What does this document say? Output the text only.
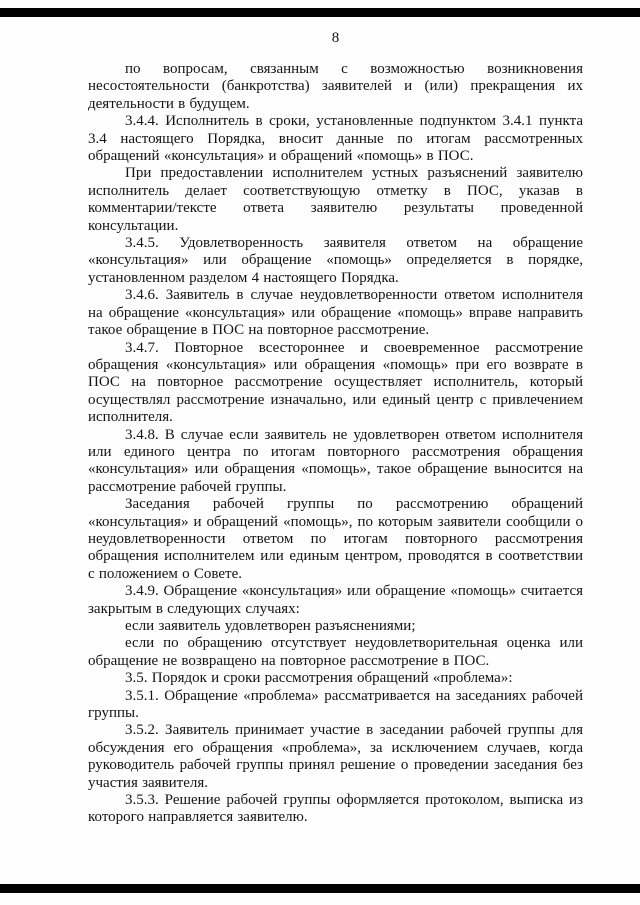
8

по вопросам, связанным с возможностью возникновения несостоятельности (банкротства) заявителей и (или) прекращения их деятельности в будущем.

3.4.4. Исполнитель в сроки, установленные подпунктом 3.4.1 пункта 3.4 настоящего Порядка, вносит данные по итогам рассмотренных обращений «консультация» и обращений «помощь» в ПОС.

При предоставлении исполнителем устных разъяснений заявителю исполнитель делает соответствующую отметку в ПОС, указав в комментарии/тексте ответа заявителю результаты проведенной консультации.

3.4.5. Удовлетворенность заявителя ответом на обращение «консультация» или обращение «помощь» определяется в порядке, установленном разделом 4 настоящего Порядка.

3.4.6. Заявитель в случае неудовлетворенности ответом исполнителя на обращение «консультация» или обращение «помощь» вправе направить такое обращение в ПОС на повторное рассмотрение.

3.4.7. Повторное всестороннее и своевременное рассмотрение обращения «консультация» или обращения «помощь» при его возврате в ПОС на повторное рассмотрение осуществляет исполнитель, который осуществлял рассмотрение изначально, или единый центр с привлечением исполнителя.

3.4.8. В случае если заявитель не удовлетворен ответом исполнителя или единого центра по итогам повторного рассмотрения обращения «консультация» или обращения «помощь», такое обращение выносится на рассмотрение рабочей группы.

Заседания рабочей группы по рассмотрению обращений «консультация» и обращений «помощь», по которым заявители сообщили о неудовлетворенности ответом по итогам повторного рассмотрения обращения исполнителем или единым центром, проводятся в соответствии с положением о Совете.

3.4.9. Обращение «консультация» или обращение «помощь» считается закрытым в следующих случаях:

если заявитель удовлетворен разъяснениями;

если по обращению отсутствует неудовлетворительная оценка или обращение не возвращено на повторное рассмотрение в ПОС.

3.5. Порядок и сроки рассмотрения обращений «проблема»:

3.5.1. Обращение «проблема» рассматривается на заседаниях рабочей группы.

3.5.2. Заявитель принимает участие в заседании рабочей группы для обсуждения его обращения «проблема», за исключением случаев, когда руководитель рабочей группы принял решение о проведении заседания без участия заявителя.

3.5.3. Решение рабочей группы оформляется протоколом, выписка из которого направляется заявителю.
